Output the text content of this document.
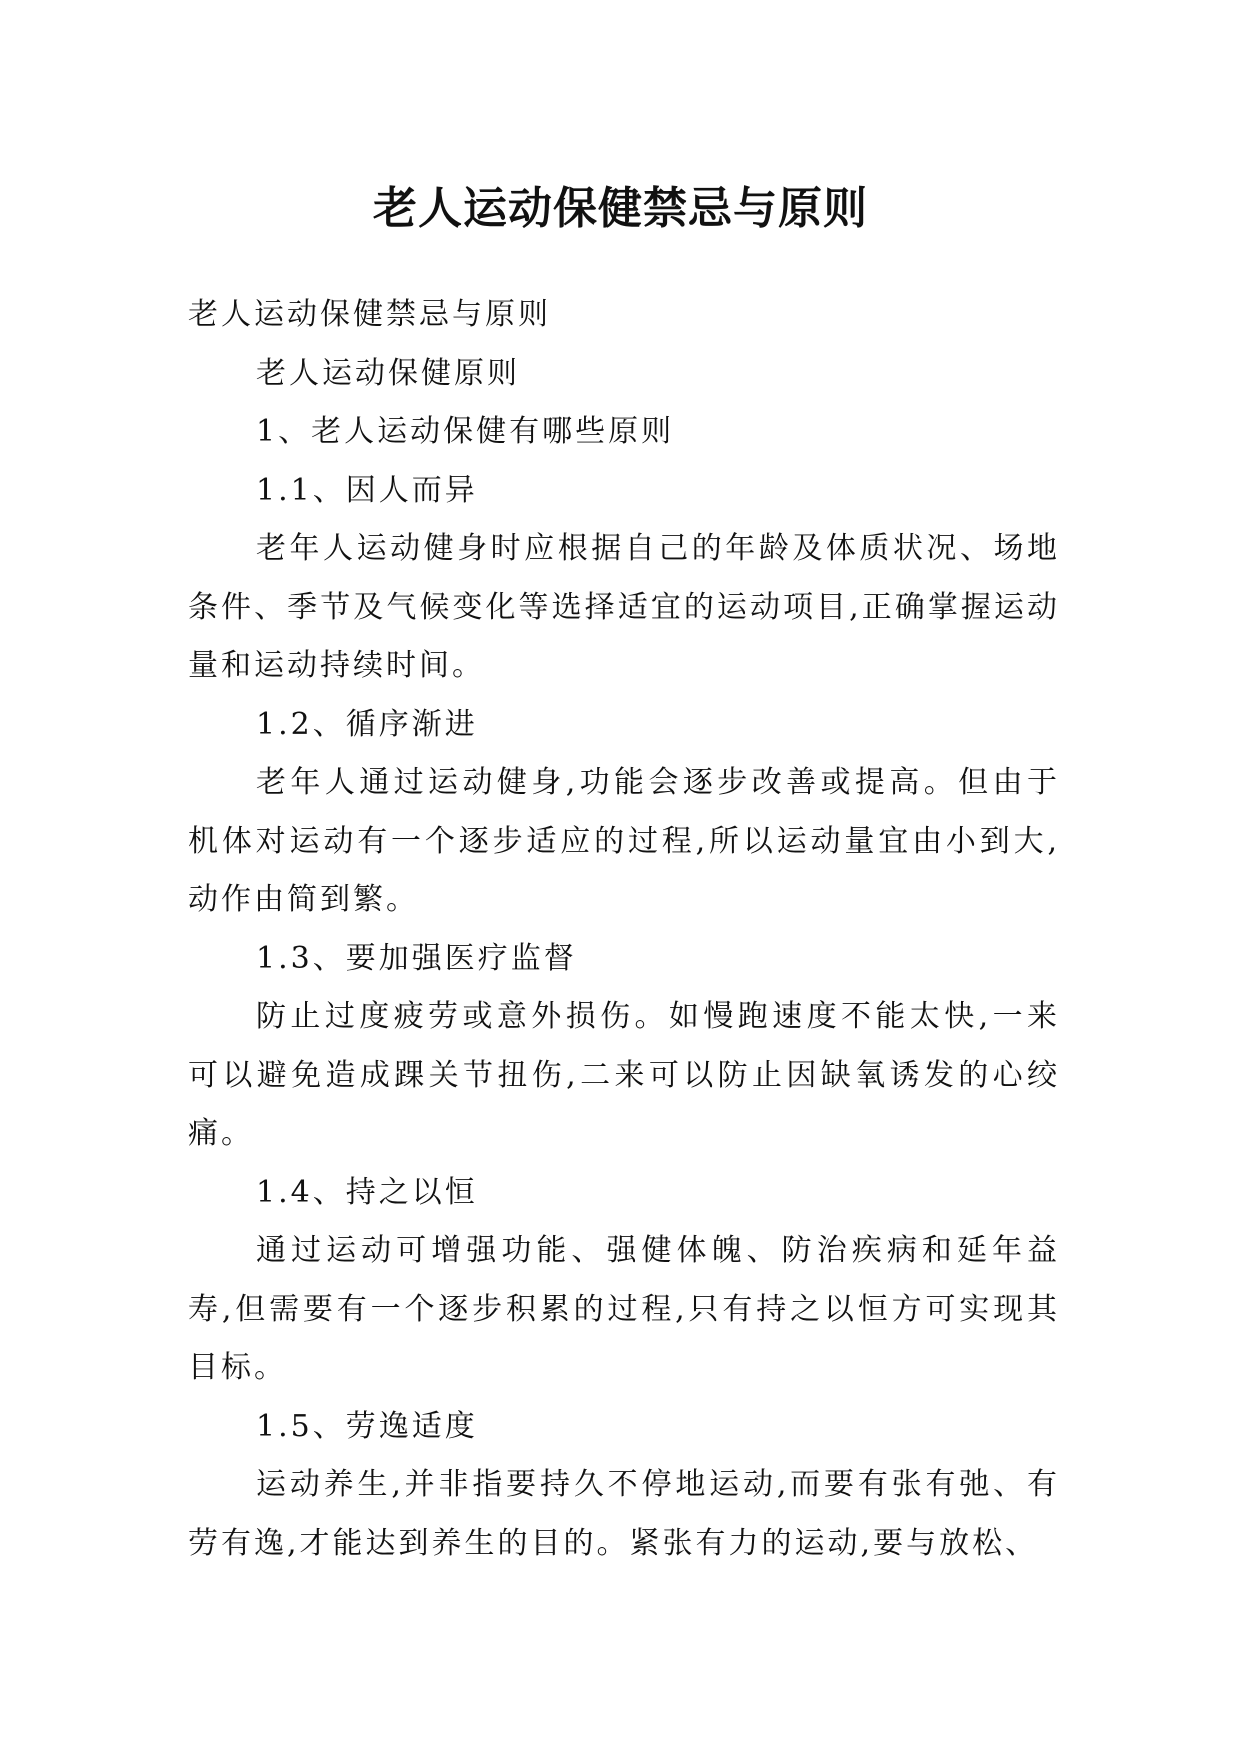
老人运动保健禁忌与原则

老人运动保健禁忌与原则

老人运动保健原则

1、老人运动保健有哪些原则

1.1、因人而异

老年人运动健身时应根据自己的年龄及体质状况、场地条件、季节及气候变化等选择适宜的运动项目,正确掌握运动量和运动持续时间。

1.2、循序渐进

老年人通过运动健身,功能会逐步改善或提高。但由于机体对运动有一个逐步适应的过程,所以运动量宜由小到大,动作由简到繁。

1.3、要加强医疗监督

防止过度疲劳或意外损伤。如慢跑速度不能太快,一来可以避免造成踝关节扭伤,二来可以防止因缺氧诱发的心绞痛。

1.4、持之以恒

通过运动可增强功能、强健体魄、防治疾病和延年益寿,但需要有一个逐步积累的过程,只有持之以恒方可实现其目标。

1.5、劳逸适度

运动养生,并非指要持久不停地运动,而要有张有弛、有劳有逸,才能达到养生的目的。紧张有力的运动,要与放松、
